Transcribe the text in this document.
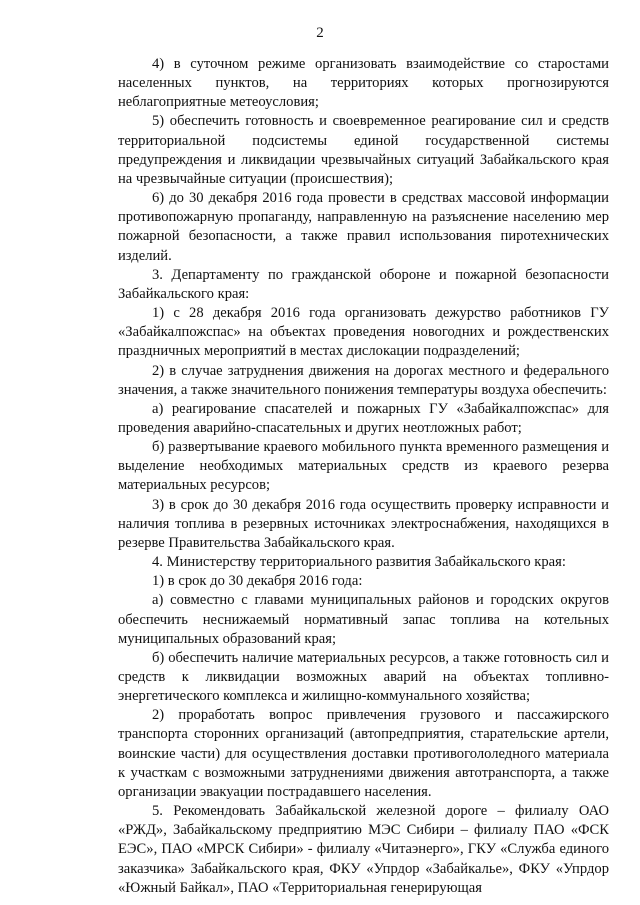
2

4) в суточном режиме организовать взаимодействие со старостами населенных пунктов, на территориях которых прогнозируются неблагоприятные метеоусловия;

5) обеспечить готовность и своевременное реагирование сил и средств территориальной подсистемы единой государственной системы предупреждения и ликвидации чрезвычайных ситуаций Забайкальского края на чрезвычайные ситуации (происшествия);

6) до 30 декабря 2016 года провести в средствах массовой информации противопожарную пропаганду, направленную на разъяснение населению мер пожарной безопасности, а также правил использования пиротехнических изделий.

3. Департаменту по гражданской обороне и пожарной безопасности Забайкальского края:

1) с 28 декабря 2016 года организовать дежурство работников ГУ «Забайкалпожспас» на объектах проведения новогодних и рождественских праздничных мероприятий в местах дислокации подразделений;

2) в случае затруднения движения на дорогах местного и федерального значения, а также значительного понижения температуры воздуха обеспечить:

а) реагирование спасателей и пожарных ГУ «Забайкалпожспас» для проведения аварийно-спасательных и других неотложных работ;

б) развертывание краевого мобильного пункта временного размещения и выделение необходимых материальных средств из краевого резерва материальных ресурсов;

3) в срок до 30 декабря 2016 года осуществить проверку исправности и наличия топлива в резервных источниках электроснабжения, находящихся в резерве Правительства Забайкальского края.

4. Министерству территориального развития Забайкальского края:

1) в срок до 30 декабря 2016 года:

а) совместно с главами муниципальных районов и городских округов обеспечить неснижаемый нормативный запас топлива на котельных муниципальных образований края;

б) обеспечить наличие материальных ресурсов, а также готовность сил и средств к ликвидации возможных аварий на объектах топливно-энергетического комплекса и жилищно-коммунального хозяйства;

2) проработать вопрос привлечения грузового и пассажирского транспорта сторонних организаций (автопредприятия, старательские артели, воинские части) для осуществления доставки противогололедного материала к участкам с возможными затруднениями движения автотранспорта, а также организации эвакуации пострадавшего населения.

5. Рекомендовать Забайкальской железной дороге – филиалу ОАО «РЖД», Забайкальскому предприятию МЭС Сибири – филиалу ПАО «ФСК ЕЭС», ПАО «МРСК Сибири» - филиалу «Читаэнерго», ГКУ «Служба единого заказчика» Забайкальского края, ФКУ «Упрдор «Забайкалье», ФКУ «Упрдор «Южный Байкал», ПАО «Территориальная генерирующая
